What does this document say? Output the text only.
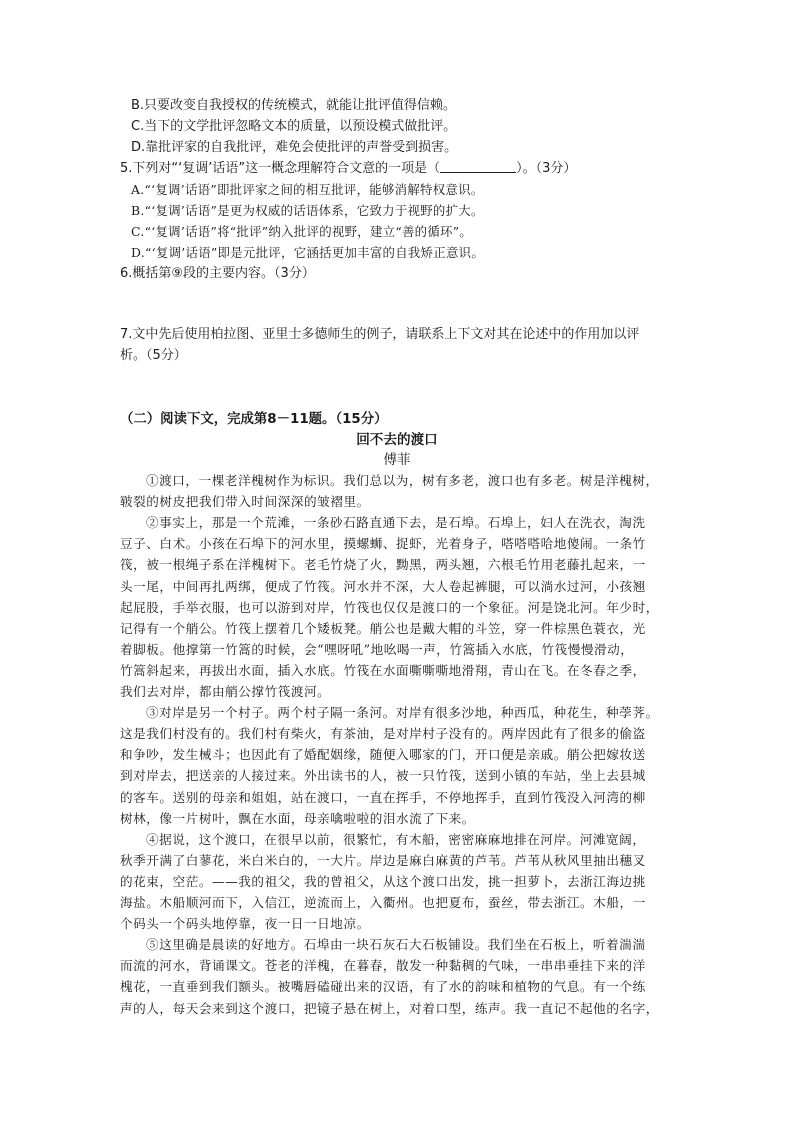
B.只要改变自我授权的传统模式，就能让批评值得信赖。
C.当下的文学批评忽略文本的质量，以预设模式做批评。
D.靠批评家的自我批评，难免会使批评的声誉受到损害。
5.下列对“‘复调’话语”这一概念理解符合文意的一项是（	）。（3分）
A.“‘复调’话语”即批评家之间的相互批评，能够消解特权意识。
B.“‘复调’话语”是更为权威的话语体系，它致力于视野的扩大。
C.“‘复调’话语”将“批评”纳入批评的视野，建立“善的循环”。
D.“‘复调’话语”即是元批评，它涵括更加丰富的自我矫正意识。
6.概括第⑨段的主要内容。（3分）
7.文中先后使用柏拉图、亚里士多德师生的例子，请联系上下文对其在论述中的作用加以评
析。（5分）
（二）阅读下文，完成第8－11题。（15分）
回不去的渡口
傅菲
①渡口，一棵老洋槐树作为标识。我们总以为，树有多老，渡口也有多老。树是洋槐树，
皲裂的树皮把我们带入时间深深的皱褶里。
②事实上，那是一个荒滩，一条砂石路直通下去，是石埠。石埠上，妇人在洗衣，淘洗
豆子、白术。小孩在石埠下的河水里，摸螺蛳、捉虾，光着身子，嗒嗒嗒哈地傻闹。一条竹
筏，被一根绳子系在洋槐树下。老毛竹烧了火，黝黑，两头翘，六根毛竹用老藤扎起来，一
头一尾，中间再扎两绑，便成了竹筏。河水并不深，大人卷起裤腿，可以淌水过河，小孩翘
起屁股，手举衣服，也可以游到对岸，竹筏也仅仅是渡口的一个象征。河是饶北河。年少时，
记得有一个艄公。竹筏上摆着几个矮板凳。艄公也是戴大帽的斗笠，穿一件棕黑色蓑衣，光
着脚板。他撑第一竹篙的时候，会“嘿呀吼”地吆喝一声，竹篙插入水底，竹筏慢慢滑动，
竹篙斜起来，再拔出水面，插入水底。竹筏在水面嘶嘶嘶地滑翔，青山在飞。在冬春之季，
我们去对岸，都由艄公撑竹筏渡河。
③对岸是另一个村子。两个村子隔一条河。对岸有很多沙地，种西瓜，种花生，种荸荠。
这是我们村没有的。我们村有柴火，有茶油，是对岸村子没有的。两岸因此有了很多的偷盗
和争吵，发生械斗；也因此有了婚配姻缘，随便入哪家的门，开口便是亲戚。艄公把嫁妆送
到对岸去，把送亲的人接过来。外出读书的人，被一只竹筏，送到小镇的车站，坐上去县城
的客车。送别的母亲和姐姐，站在渡口，一直在挥手，不停地挥手，直到竹筏没入河湾的柳
树林，像一片树叶，飘在水面，母亲噙啦啦的泪水流了下来。
④据说，这个渡口，在很早以前，很繁忙，有木船，密密麻麻地排在河岸。河滩宽阔，
秋季开满了白蓼花，米白米白的，一大片。岸边是麻白麻黄的芦苇。芦苇从秋风里抽出穗叉
的花束，空茫。——我的祖父，我的曾祖父，从这个渡口出发，挑一担萝卜，去浙江海边挑
海盐。木船顺河而下，入信江，逆流而上，入衢州。也把夏布，蚕丝，带去浙江。木船，一
个码头一个码头地停靠，夜一日一日地凉。
⑤这里确是晨读的好地方。石埠由一块石灰石大石板铺设。我们坐在石板上，听着湍湍
而流的河水，背诵课文。苍老的洋槐，在暮春，散发一种黏稠的气味，一串串垂挂下来的洋
槐花，一直垂到我们额头。被嘴唇磕碰出来的汉语，有了水的韵味和植物的气息。有一个练
声的人，每天会来到这个渡口，把镜子悬在树上，对着口型，练声。我一直记不起他的名字，
